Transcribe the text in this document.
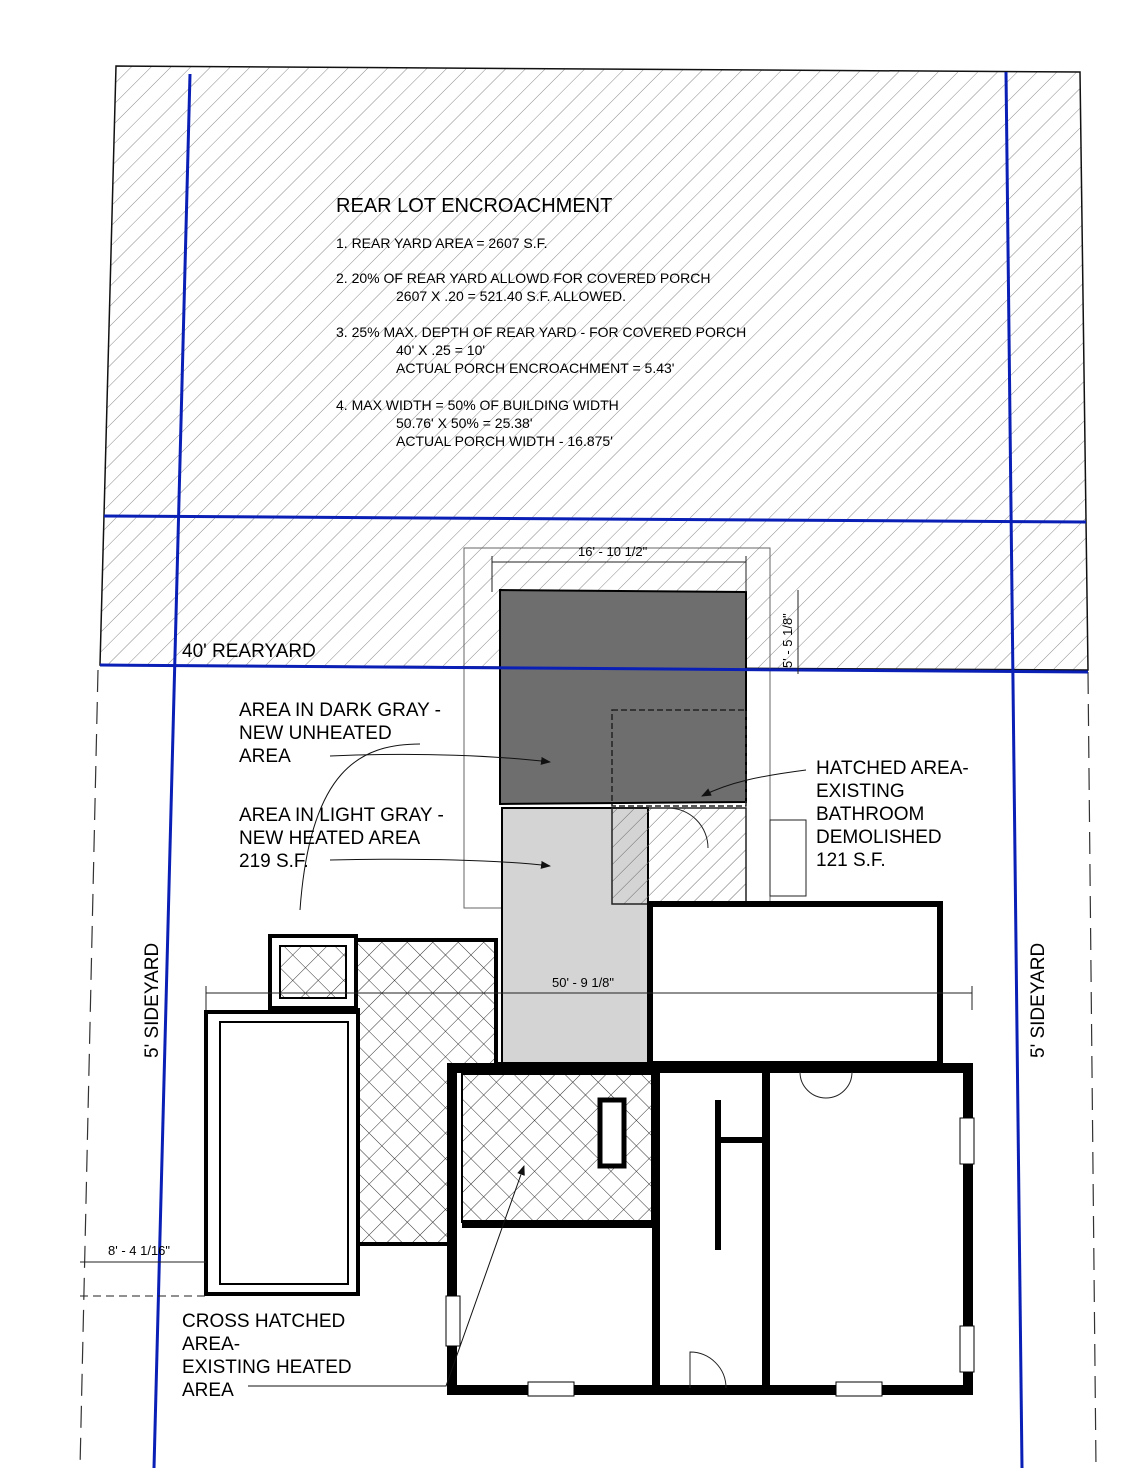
REAR LOT ENCROACHMENT
1. REAR YARD AREA = 2607 S.F.
2. 20% OF REAR YARD ALLOWD FOR COVERED PORCH
2607 X .20 = 521.40 S.F. ALLOWED.
3. 25% MAX. DEPTH OF REAR YARD - FOR COVERED PORCH
40' X .25 = 10'
ACTUAL PORCH ENCROACHMENT = 5.43'
4. MAX WIDTH = 50% OF BUILDING WIDTH
50.76' X 50% = 25.38'
ACTUAL PORCH WIDTH - 16.875'
40' REARYARD
AREA IN DARK GRAY -
NEW UNHEATED
AREA
AREA IN LIGHT GRAY -
NEW HEATED AREA
219 S.F.
HATCHED AREA-
EXISTING
BATHROOM
DEMOLISHED
121 S.F.
CROSS HATCHED
AREA-
EXISTING HEATED
AREA
5' SIDEYARD	5' SIDEYARD
16' - 10 1/2"
5' - 5 1/8"
50' - 9 1/8"
8' - 4 1/16"
